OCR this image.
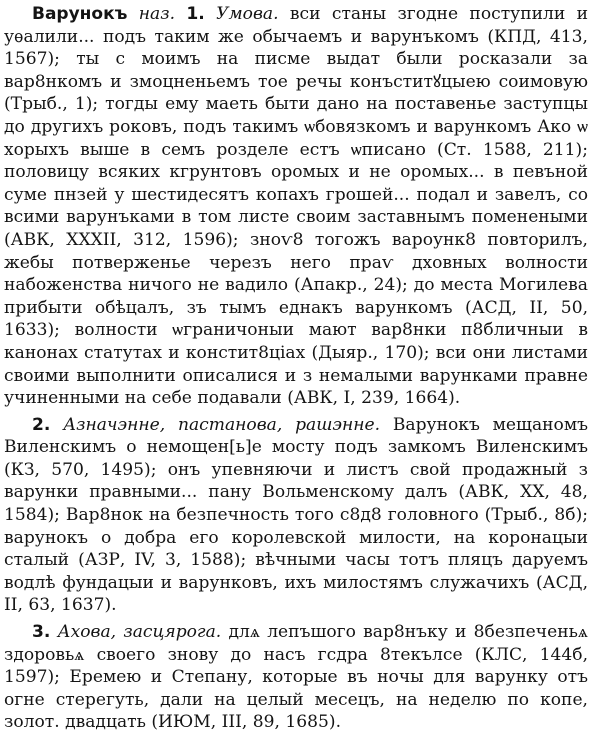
Варунокъ наз. 1. Умова. вси станы згодне поступили и уѳалили... подъ таким же обычаемъ и варунъкомъ (КПД, 413, 1567); ты с моимъ на писме выдат были росказали за вар8нкомъ и змоцненьемъ тое речы конъститꙋцыею соимовую (Трыб., 1); тогды ему маеть быти дано на поставенье заступцы до другихъ роковъ, подъ такимъ ѡбовязкомъ и варункомъ Ако ѡ хорыхъ выше в семъ розделе естъ ѡписано (Ст. 1588, 211); половицу всяких кгрунтовъ оромых и не оромых... в певъной суме пнзей у шестидесятъ копахъ грошей... подал и завелъ, со всими варунъками в том листе своим заставнымъ поменеными (АВК, XXXII, 312, 1596); зноѵ8 тогожъ вароунк8 повторилъ, жебы потверженье черезъ него праѵ дховных волности набоженства ничого не вадило (Апакр., 24); до места Могилева прибыти обѣцалъ, зъ тымъ еднакъ варункомъ (АСД, II, 50, 1633); волности ѡграничоныи мают вар8нки п8бличныи в канонах статутах и констит8ціах (Дыяр., 170); вси они листами своими выполнити описалися и з немалыми варунками правне учиненными на себе подавали (АВК, I, 239, 1664).

2. Азначэнне, пастанова, рашэнне. Варунокъ мещаномъ Виленскимъ о немощен[ь]е мосту подъ замкомъ Виленскимъ (КЗ, 570, 1495); онъ упевняючи и листъ свой продажный з варунки правными... пану Вольменскому далъ (АВК, XX, 48, 1584); Вар8нок на безпечность того с8д8 головного (Трыб., 8б); варунокъ о добра его королевской милости, на коронацыи сталый (АЗР, IV, 3, 1588); вѣчными часы тотъ пляцъ даруемъ водлѣ фундацыи и варунковъ, ихъ милостямъ служачихъ (АСД, II, 63, 1637).

3. Ахова, засцярога. длѧ лепъшого вар8нъку и 8безпеченьѧ здоровьѧ своего знову до насъ гсдра 8текълсе (КЛС, 144б, 1597); Еремею и Степану, которые въ ночы для варунку отъ огне стерегуть, дали на целый месецъ, на неделю по копе, золот. двадцать (ИЮМ, III, 89, 1685).
